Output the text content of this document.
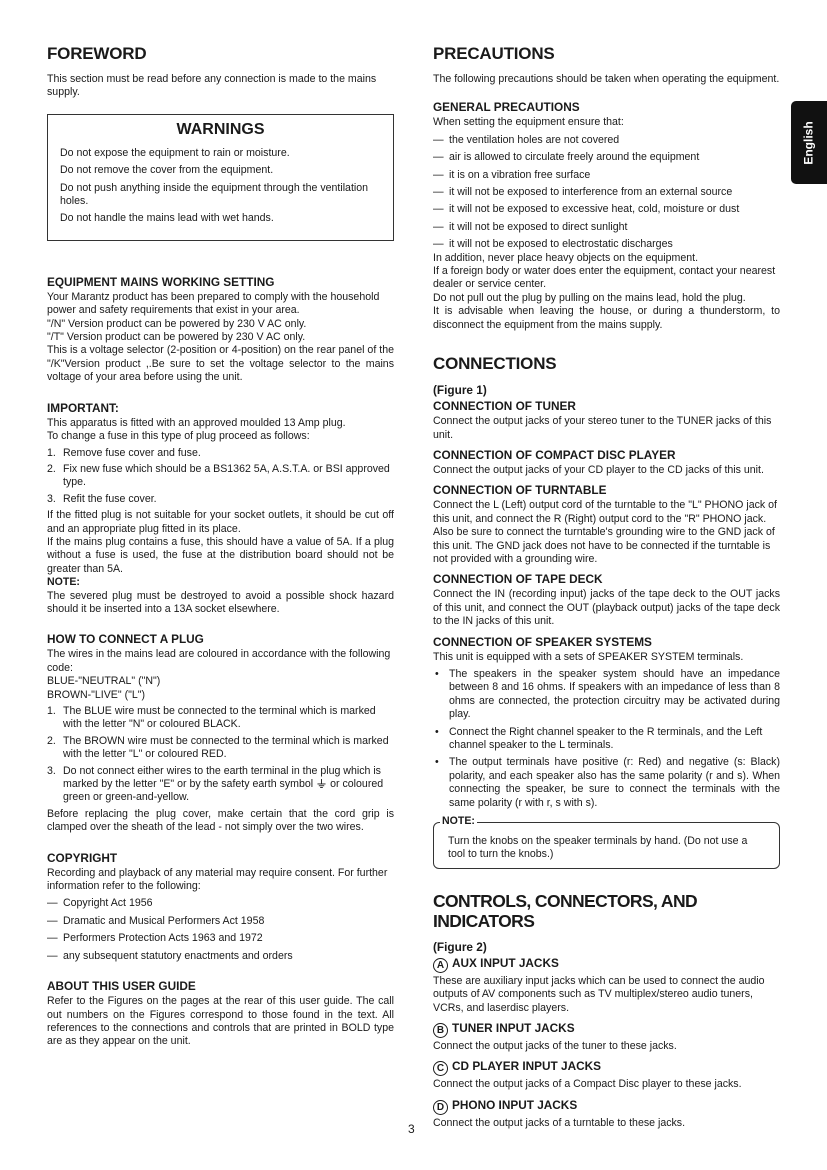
FOREWORD

This section must be read before any connection is made to the mains supply.

WARNINGS

Do not expose the equipment to rain or moisture.

Do not remove the cover from the equipment.

Do not push anything inside the equipment through the ventilation holes.

Do not handle the mains lead with wet hands.

EQUIPMENT MAINS WORKING SETTING

Your Marantz product has been prepared to comply with the household power and safety requirements that exist in your area.

"/N" Version product can be powered by 230 V AC only.

"/T" Version product can be powered by 230 V AC only.

This is a voltage selector (2-position or 4-position) on the rear panel of the "/K"Version product ,.Be sure to set the voltage selector to the mains voltage of your area before using the unit.

IMPORTANT:

This apparatus is fitted with an approved moulded 13 Amp plug.

To change a fuse in this type of plug proceed as follows:

1. Remove fuse cover and fuse.
2. Fix new fuse which should be a BS1362 5A, A.S.T.A. or BSI approved type.
3. Refit the fuse cover.

If the fitted plug is not suitable for your socket outlets, it should be cut off and an appropriate plug fitted in its place.

If the mains plug contains a fuse, this should have a value of 5A. If a plug without a fuse is used, the fuse at the distribution board should not be greater than 5A.

NOTE:

The severed plug must be destroyed to avoid a possible shock hazard should it be inserted into a 13A socket elsewhere.

HOW TO CONNECT A PLUG

The wires in the mains lead are coloured in accordance with the following code:

BLUE-"NEUTRAL" ("N")

BROWN-"LIVE" ("L")

1. The BLUE wire must be connected to the terminal which is marked with the letter "N" or coloured BLACK.
2. The BROWN wire must be connected to the terminal which is marked with the letter "L" or coloured RED.
3. Do not connect either wires to the earth terminal in the plug which is marked by the letter "E" or by the safety earth symbol or coloured green or green-and-yellow.

Before replacing the plug cover, make certain that the cord grip is clamped over the sheath of the lead - not simply over the two wires.

COPYRIGHT

Recording and playback of any material may require consent. For further information refer to the following:

— Copyright Act 1956
— Dramatic and Musical Performers Act 1958
— Performers Protection Acts 1963 and 1972
— any subsequent statutory enactments and orders
ABOUT THIS USER GUIDE

Refer to the Figures on the pages at the rear of this user guide. The call out numbers on the Figures correspond to those found in the text. All references to the connections and controls that are printed in BOLD type are as they appear on the unit.

PRECAUTIONS

The following precautions should be taken when operating the equipment.

GENERAL PRECAUTIONS

When setting the equipment ensure that:

— the ventilation holes are not covered
— air is allowed to circulate freely around the equipment
— it is on a vibration free surface
— it will not be exposed to interference from an external source
— it will not be exposed to excessive heat, cold, moisture or dust
— it will not be exposed to direct sunlight
— it will not be exposed to electrostatic discharges

In addition, never place heavy objects on the equipment.

If a foreign body or water does enter the equipment, contact your nearest dealer or service center.

Do not pull out the plug by pulling on the mains lead, hold the plug.

It is advisable when leaving the house, or during a thunderstorm, to disconnect the equipment from the mains supply.

CONNECTIONS
(Figure 1)
CONNECTION OF TUNER

Connect the output jacks of your stereo tuner to the TUNER jacks of this unit.

CONNECTION OF COMPACT DISC PLAYER

Connect the output jacks of your CD player to the CD jacks of this unit.

CONNECTION OF TURNTABLE

Connect the L (Left) output cord of the turntable to the "L" PHONO jack of this unit, and connect the R (Right) output cord to the "R" PHONO jack. Also be sure to connect the turntable's grounding wire to the GND jack of this unit. The GND jack does not have to be connected if the turntable is not provided with a grounding wire.

CONNECTION OF TAPE DECK

Connect the IN (recording input) jacks of the tape deck to the OUT jacks of this unit, and connect the OUT (playback output) jacks of the tape deck to the IN jacks of this unit.

CONNECTION OF SPEAKER SYSTEMS

This unit is equipped with a sets of SPEAKER SYSTEM terminals.

• The speakers in the speaker system should have an impedance between 8 and 16 ohms. If speakers with an impedance of less than 8 ohms are connected, the protection circuitry may be activated during play.
• Connect the Right channel speaker to the R terminals, and the Left channel speaker to the L terminals.
• The output terminals have positive (r: Red) and negative (s: Black) polarity, and each speaker also has the same polarity (r and s). When connecting the speaker, be sure to connect the terminals with the same polarity (r with r, s with s).
NOTE:

Turn the knobs on the speaker terminals by hand. (Do not use a tool to turn the knobs.)

CONTROLS, CONNECTORS, AND INDICATORS
(Figure 2)
A AUX INPUT JACKS

These are auxiliary input jacks which can be used to connect the audio outputs of AV components such as TV multiplex/stereo audio tuners, VCRs, and laserdisc players.

B TUNER INPUT JACKS

Connect the output jacks of the tuner to these jacks.

C CD PLAYER INPUT JACKS

Connect the output jacks of a Compact Disc player to these jacks.

D PHONO INPUT JACKS

Connect the output jacks of a turntable to these jacks.

English
3
